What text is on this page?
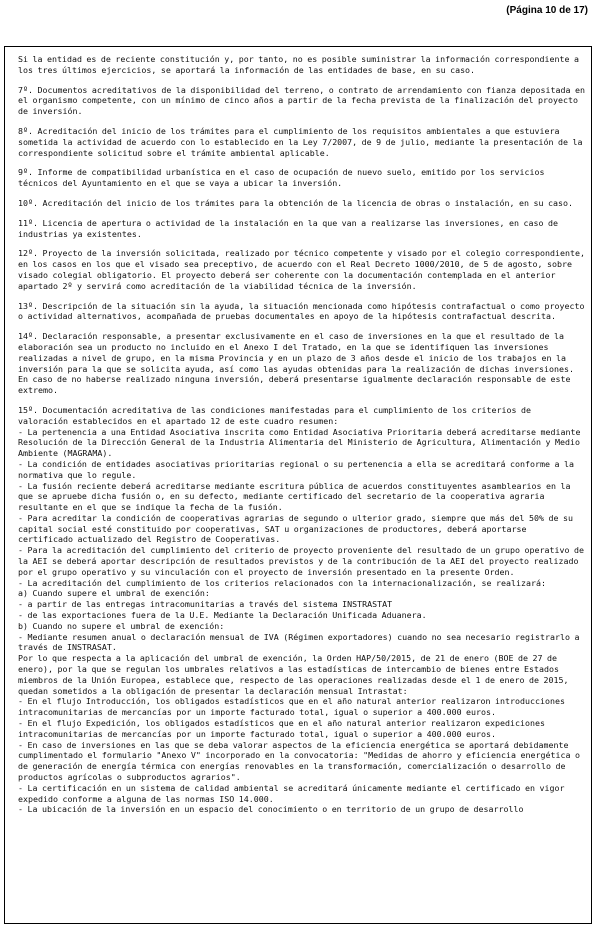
(Página 10 de 17)

Si la entidad es de reciente constitución y, por tanto, no es posible suministrar la información correspondiente a los tres últimos ejercicios, se aportará la información de las entidades de base, en su caso.

7º. Documentos acreditativos de la disponibilidad del terreno, o contrato de arrendamiento con fianza depositada en el organismo competente, con un mínimo de cinco años a partir de la fecha prevista de la finalización del proyecto de inversión.

8º. Acreditación del inicio de los trámites para el cumplimiento de los requisitos ambientales a que estuviera sometida la actividad de acuerdo con lo establecido en la Ley 7/2007, de 9 de julio, mediante la presentación de la correspondiente solicitud sobre el trámite ambiental aplicable.

9º. Informe de compatibilidad urbanística en el caso de ocupación de nuevo suelo, emitido por los servicios técnicos del Ayuntamiento en el que se vaya a ubicar la inversión.

10º. Acreditación del inicio de los trámites para la obtención de la licencia de obras o instalación, en su caso.

11º. Licencia de apertura o actividad de la instalación en la que van a realizarse las inversiones, en caso de industrias ya existentes.

12º. Proyecto de la inversión solicitada, realizado por técnico competente y visado por el colegio correspondiente, en los casos en los que el visado sea preceptivo, de acuerdo con el Real Decreto 1000/2010, de 5 de agosto, sobre visado colegial obligatorio. El proyecto deberá ser coherente con la documentación contemplada en el anterior apartado 2º y servirá como acreditación de la viabilidad técnica de la inversión.

13º. Descripción de la situación sin la ayuda, la situación mencionada como hipótesis contrafactual o como proyecto o actividad alternativos, acompañada de pruebas documentales en apoyo de la hipótesis contrafactual descrita.

14º. Declaración responsable, a presentar exclusivamente en el caso de inversiones en la que el resultado de la elaboración sea un producto no incluido en el Anexo I del Tratado, en la que se identifiquen las inversiones realizadas a nivel de grupo, en la misma Provincia y en un plazo de 3 años desde el inicio de los trabajos en la inversión para la que se solicita ayuda, así como las ayudas obtenidas para la realización de dichas inversiones. En caso de no haberse realizado ninguna inversión, deberá presentarse igualmente declaración responsable de este extremo.

15º. Documentación acreditativa de las condiciones manifestadas para el cumplimiento de los criterios de valoración establecidos en el apartado 12 de este cuadro resumen:
- La pertenencia a una Entidad Asociativa inscrita como Entidad Asociativa Prioritaria deberá acreditarse mediante Resolución de la Dirección General de la Industria Alimentaria del Ministerio de Agricultura, Alimentación y Medio Ambiente (MAGRAMA).
- La condición de entidades asociativas prioritarias regional o su pertenencia a ella se acreditará conforme a la normativa que lo regule.
- La fusión reciente deberá acreditarse mediante escritura pública de acuerdos constituyentes asamblearios en la que se apruebe dicha fusión o, en su defecto, mediante certificado del secretario de la cooperativa agraria resultante en el que se indique la fecha de la fusión.
- Para acreditar la condición de cooperativas agrarias de segundo o ulterior grado, siempre que más del 50% de su capital social esté constituido por cooperativas, SAT u organizaciones de productores, deberá aportarse certificado actualizado del Registro de Cooperativas.
- Para la acreditación del cumplimiento del criterio de proyecto proveniente del resultado de un grupo operativo de la AEI se deberá aportar descripción de resultados previstos y de la contribución de la AEI del proyecto realizado por el grupo operativo y su vinculación con el proyecto de inversión presentado en la presente Orden.
- La acreditación del cumplimiento de los criterios relacionados con la internacionalización, se realizará:
a) Cuando supere el umbral de exención:
- a partir de las entregas intracomunitarias a través del sistema INSTRASTAT
- de las exportaciones fuera de la U.E. Mediante la Declaración Unificada Aduanera.
b) Cuando no supere el umbral de exención:
- Mediante resumen anual o declaración mensual de IVA (Régimen exportadores) cuando no sea necesario registrarlo a través de INSTRASAT.
Por lo que respecta a la aplicación del umbral de exención, la Orden HAP/50/2015, de 21 de enero (BOE de 27 de enero), por la que se regulan los umbrales relativos a las estadísticas de intercambio de bienes entre Estados miembros de la Unión Europea, establece que, respecto de las operaciones realizadas desde el 1 de enero de 2015, quedan sometidos a la obligación de presentar la declaración mensual Intrastat:
- En el flujo Introducción, los obligados estadísticos que en el año natural anterior realizaron introducciones intracomunitarias de mercancías por un importe facturado total, igual o superior a 400.000 euros.
- En el flujo Expedición, los obligados estadísticos que en el año natural anterior realizaron expediciones intracomunitarias de mercancías por un importe facturado total, igual o superior a 400.000 euros.
- En caso de inversiones en las que se deba valorar aspectos de la eficiencia energética se aportará debidamente cumplimentado el formulario "Anexo V" incorporado en la convocatoria: "Medidas de ahorro y eficiencia energética o de generación de energía térmica con energías renovables en la transformación, comercialización o desarrollo de productos agrícolas o subproductos agrarios".
- La certificación en un sistema de calidad ambiental se acreditará únicamente mediante el certificado en vigor expedido conforme a alguna de las normas ISO 14.000.
- La ubicación de la inversión en un espacio del conocimiento o en territorio de un grupo de desarrollo
